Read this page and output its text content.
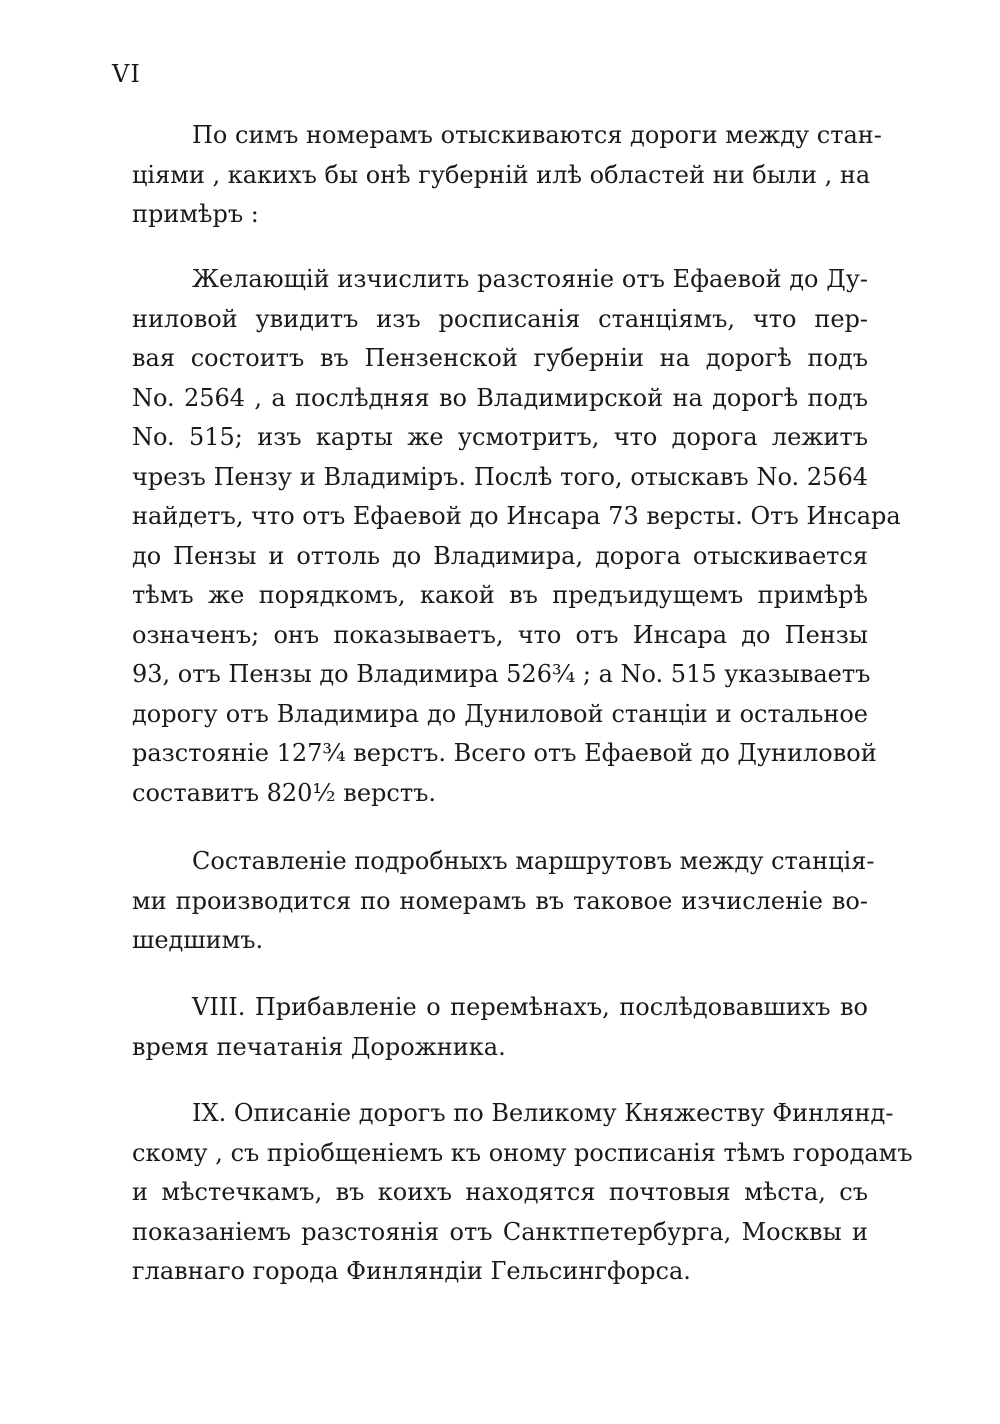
VI
По симъ номерамъ отыскиваются дороги между стан-
ціями , какихъ бы онѣ губерній илѣ областей ни были , на
примѣръ :
Желающій изчислить разстояніе отъ Ефаевой до Ду-
ниловой увидитъ изъ росписанія станціямъ, что пер-
вая состоитъ въ Пензенской губерніи на дорогѣ подъ
No. 2564 , а послѣдняя во Владимирской на дорогѣ подъ
No. 515; изъ карты же усмотритъ, что дорога лежитъ
чрезъ Пензу и Владиміръ. Послѣ того, отыскавъ No. 2564
найдетъ, что отъ Ефаевой до Инсара 73 версты. Отъ Инсара
до Пензы и оттоль до Владимира, дорога отыскивается
тѣмъ же порядкомъ, какой въ предъидущемъ примѣрѣ
означенъ; онъ показываетъ, что отъ Инсара до Пензы
93, отъ Пензы до Владимира 526¾ ; а No. 515 указываетъ
дорогу отъ Владимира до Дуниловой станціи и остальное
разстояніе 127¾ верстъ. Всего отъ Ефаевой до Дуниловой
составитъ 820½ верстъ.
Составленіе подробныхъ маршрутовъ между станція-
ми производится по номерамъ въ таковое изчисленіе во-
шедшимъ.
VIII. Прибавленіе о перемѣнахъ, послѣдовавшихъ во
время печатанія Дорожника.
IX. Описаніе дорогъ по Великому Княжеству Финлянд-
скому , съ пріобщеніемъ къ оному росписанія тѣмъ городамъ
и мѣстечкамъ, въ коихъ находятся почтовыя мѣста, съ
показаніемъ разстоянія отъ Санктпетербурга, Москвы и
главнаго города Финляндіи Гельсингфорса.
